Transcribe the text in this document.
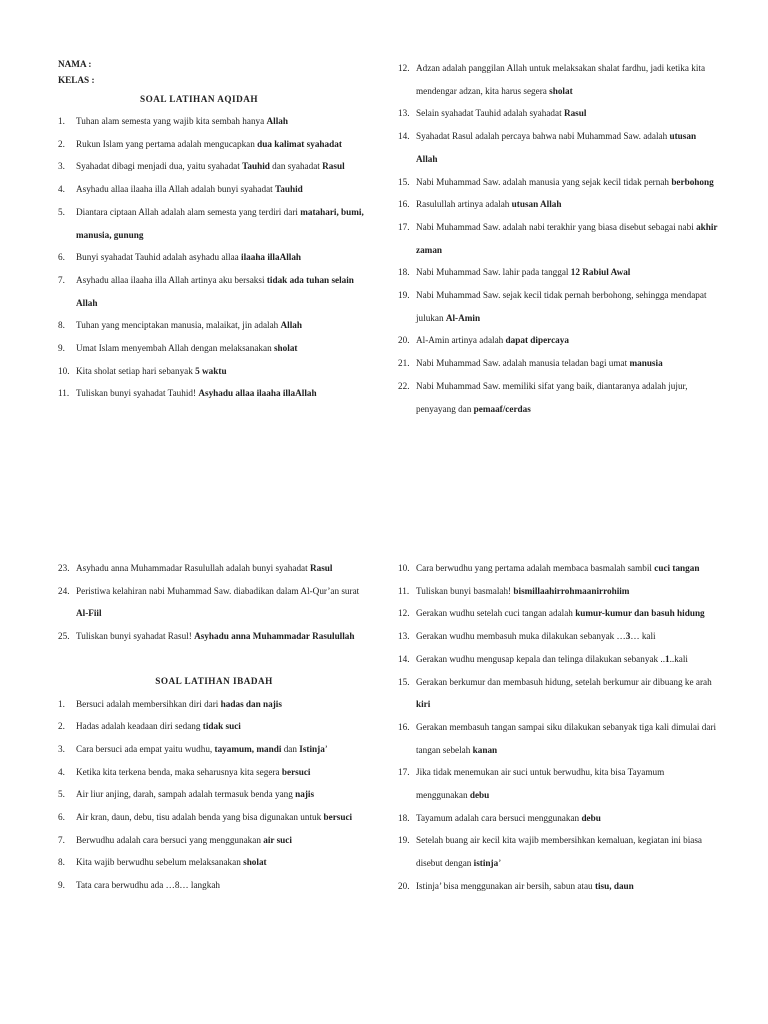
NAMA :
KELAS :
SOAL LATIHAN AQIDAH
1. Tuhan alam semesta yang wajib kita sembah hanya Allah
2. Rukun Islam yang pertama adalah mengucapkan dua kalimat syahadat
3. Syahadat dibagi menjadi dua, yaitu syahadat Tauhid dan syahadat Rasul
4. Asyhadu allaa ilaaha illa Allah adalah bunyi syahadat Tauhid
5. Diantara ciptaan Allah adalah alam semesta yang terdiri dari matahari, bumi, manusia, gunung
6. Bunyi syahadat Tauhid adalah asyhadu allaa ilaaha illaAllah
7. Asyhadu allaa ilaaha illa Allah artinya aku bersaksi tidak ada tuhan selain Allah
8. Tuhan yang menciptakan manusia, malaikat, jin adalah Allah
9. Umat Islam menyembah Allah dengan melaksanakan sholat
10. Kita sholat setiap hari sebanyak 5 waktu
11. Tuliskan bunyi syahadat Tauhid! Asyhadu allaa ilaaha illaAllah
12. Adzan adalah panggilan Allah untuk melaksakan shalat fardhu, jadi ketika kita mendengar adzan, kita harus segera sholat
13. Selain syahadat Tauhid adalah syahadat Rasul
14. Syahadat Rasul adalah percaya bahwa nabi Muhammad Saw. adalah utusan Allah
15. Nabi Muhammad Saw. adalah manusia yang sejak kecil tidak pernah berbohong
16. Rasulullah artinya adalah utusan Allah
17. Nabi Muhammad Saw. adalah nabi terakhir yang biasa disebut sebagai nabi akhir zaman
18. Nabi Muhammad Saw. lahir pada tanggal 12 Rabiul Awal
19. Nabi Muhammad Saw. sejak kecil tidak pernah berbohong, sehingga mendapat julukan Al-Amin
20. Al-Amin artinya adalah dapat dipercaya
21. Nabi Muhammad Saw. adalah manusia teladan bagi umat manusia
22. Nabi Muhammad Saw. memiliki sifat yang baik, diantaranya adalah jujur, penyayang dan pemaaf/cerdas
23. Asyhadu anna Muhammadar Rasulullah adalah bunyi syahadat Rasul
24. Peristiwa kelahiran nabi Muhammad Saw. diabadikan dalam Al-Qur’an surat Al-Fiil
25. Tuliskan bunyi syahadat Rasul! Asyhadu anna Muhammadar Rasulullah
SOAL LATIHAN IBADAH
1. Bersuci adalah membersihkan diri dari hadas dan najis
2. Hadas adalah keadaan diri sedang tidak suci
3. Cara bersuci ada empat yaitu wudhu, tayamum, mandi dan Istinja’
4. Ketika kita terkena benda, maka seharusnya kita segera bersuci
5. Air liur anjing, darah, sampah adalah termasuk benda yang najis
6. Air kran, daun, debu, tisu adalah benda yang bisa digunakan untuk bersuci
7. Berwudhu adalah cara bersuci yang menggunakan air suci
8. Kita wajib berwudhu sebelum melaksanakan sholat
9. Tata cara berwudhu ada …8… langkah
10. Cara berwudhu yang pertama adalah membaca basmalah sambil cuci tangan
11. Tuliskan bunyi basmalah! bismillaahirrohmaanirrohiim
12. Gerakan wudhu setelah cuci tangan adalah kumur-kumur dan basuh hidung
13. Gerakan wudhu membasuh muka dilakukan sebanyak …3… kali
14. Gerakan wudhu mengusap kepala dan telinga dilakukan sebanyak ..1..kali
15. Gerakan berkumur dan membasuh hidung, setelah berkumur air dibuang ke arah kiri
16. Gerakan membasuh tangan sampai siku dilakukan sebanyak tiga kali dimulai dari tangan sebelah kanan
17. Jika tidak menemukan air suci untuk berwudhu, kita bisa Tayamum menggunakan debu
18. Tayamum adalah cara bersuci menggunakan debu
19. Setelah buang air kecil kita wajib membersihkan kemaluan, kegiatan ini biasa disebut dengan istinja’
20. Istinja’ bisa menggunakan air bersih, sabun atau tisu, daun
